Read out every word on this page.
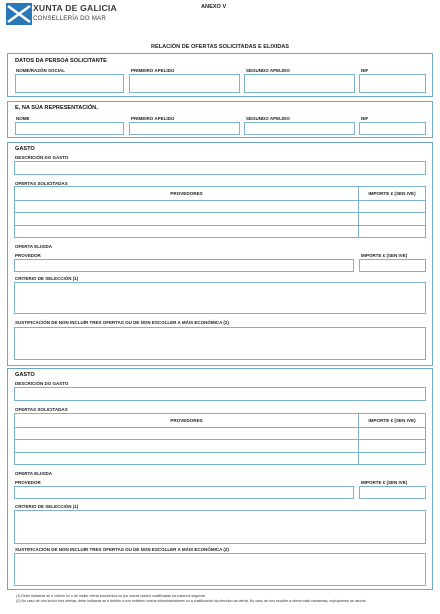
XUNTA DE GALICIA
CONSELLERÍA DO MAR
ANEXO V
RELACIÓN DE OFERTAS SOLICITADAS E ELIXIDAS
DATOS DA PERSOA SOLICITANTE
NOME/RAZÓN SOCIAL	PRIMEIRO APELIDO	SEGUNDO APELIDO	NIF
E, NA SÚA REPRESENTACIÓN,
NOME	PRIMEIRO APELIDO	SEGUNDO APELIDO	NIF
GASTO
DESCRICIÓN DO GASTO
OFERTAS SOLICITADAS
PROVEDORES	IMPORTE € (SEN IVE)

OFERTA ELIXIDA
PROVEDOR	IMPORTE € (SEN IVE)
CRITERIO DE SELECCIÓN (1)
XUSTIFICACIÓN DE NON INCLUÍR TRES OFERTAS OU DE NON ESCOLLER A MÁIS ECONÓMICA (2)
GASTO
DESCRICIÓN DO GASTO
OFERTAS SOLICITADAS
PROVEDORES	IMPORTE € (SEN IVE)

OFERTA ELIXIDA
PROVEDOR	IMPORTE € (SEN IVE)
CRITERIO DE SELECCIÓN (1)
XUSTIFICACIÓN DE NON INCLUÍR TRES OFERTAS OU DE NON ESCOLLER A MÁIS ECONÓMICA (2)
(1) Debe indicarse se o criterio foi o de mellor oferta económica ou por outras razóns xustificadas na columna seguinte.
(2) No caso de non incluír tres ofertas, debe indicarse se é debido a non existiren outros subministradores ou a xustificación da elección da oferta. No caso de non escoller a oferta máis vantaxosa, explíquense as razóns.
